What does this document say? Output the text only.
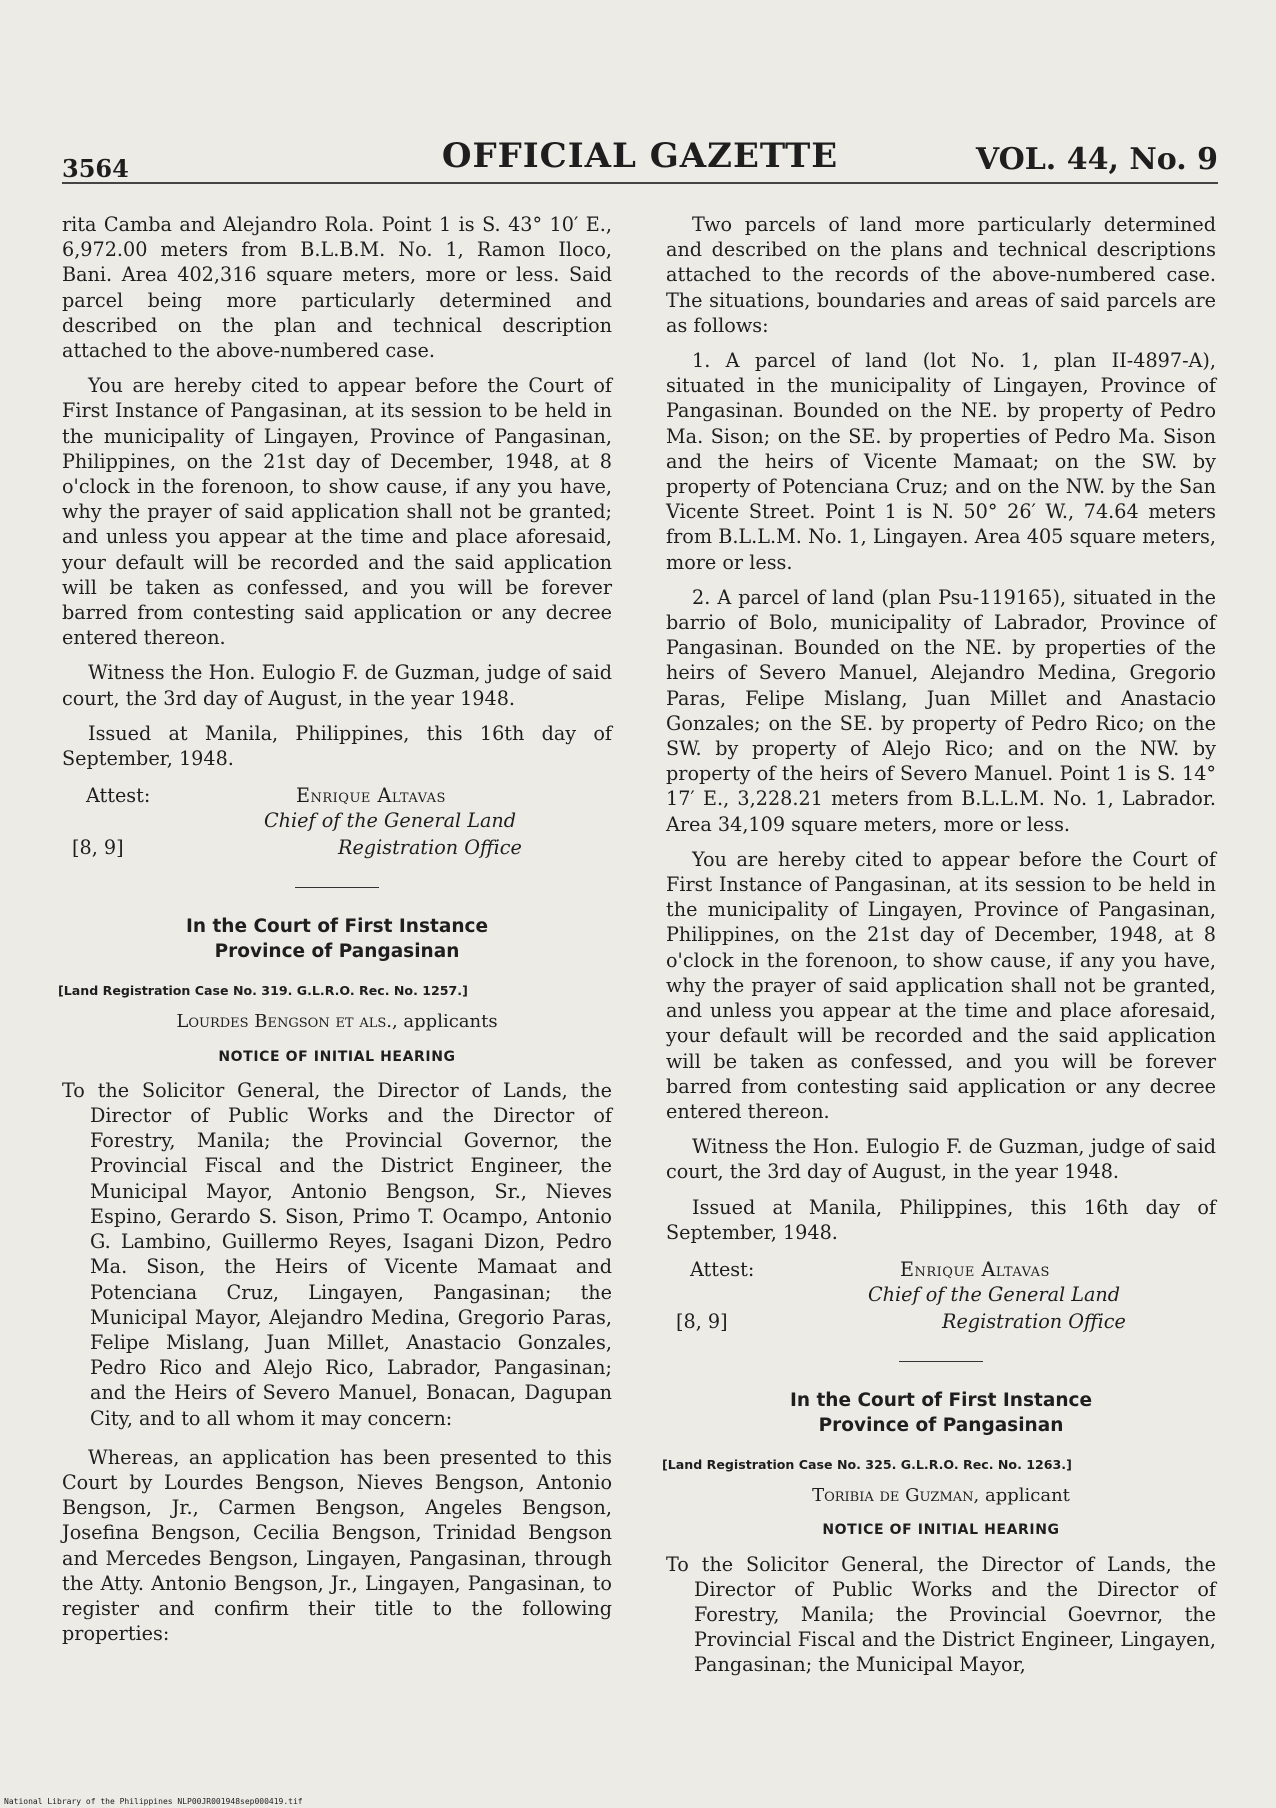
3564	OFFICIAL GAZETTE	VOL. 44, No. 9

rita Camba and Alejandro Rola. Point 1 is S. 43° 10′ E., 6,972.00 meters from B.L.B.M. No. 1, Ramon Ilocо, Bani. Area 402,316 square meters, more or less. Said parcel being more particularly determined and described on the plan and technical description attached to the above-numbered case.

You are hereby cited to appear before the Court of First Instance of Pangasinan, at its session to be held in the municipality of Lingayen, Province of Pangasinan, Philippines, on the 21st day of December, 1948, at 8 o'clock in the forenoon, to show cause, if any you have, why the prayer of said application shall not be granted; and unless you appear at the time and place aforesaid, your default will be recorded and the said application will be taken as confessed, and you will be forever barred from contesting said application or any decree entered thereon.

Witness the Hon. Eulogio F. de Guzman, judge of said court, the 3rd day of August, in the year 1948.

Issued at Manila, Philippines, this 16th day of September, 1948.

Attest:	Enrique Altavas
Chief of the General Land
[8, 9]	Registration Office
In the Court of First Instance
Province of Pangasinan
[Land Registration Case No. 319. G.L.R.O. Rec. No. 1257.]
Lourdes Bengson et als., applicants
NOTICE OF INITIAL HEARING
To the Solicitor General, the Director of Lands, the Director of Public Works and the Director of Forestry, Manila; the Provincial Governor, the Provincial Fiscal and the District Engineer, the Municipal Mayor, Antonio Bengson, Sr., Nieves Espino, Gerardo S. Sison, Primo T. Ocampo, Antonio G. Lambino, Guillermo Reyes, Isagani Dizon, Pedro Ma. Sison, the Heirs of Vicente Mamaat and Potenciana Cruz, Lingayen, Pangasinan; the Municipal Mayor, Alejandro Medina, Gregorio Paras, Felipe Mislang, Juan Millet, Anastacio Gonzales, Pedro Rico and Alejo Rico, Labrador, Pangasinan; and the Heirs of Severo Manuel, Bonacan, Dagupan City, and to all whom it may concern:

Whereas, an application has been presented to this Court by Lourdes Bengson, Nieves Bengson, Antonio Bengson, Jr., Carmen Bengson, Angeles Bengson, Josefina Bengson, Cecilia Bengson, Trinidad Bengson and Mercedes Bengson, Lingayen, Pangasinan, through the Atty. Antonio Bengson, Jr., Lingayen, Pangasinan, to register and confirm their title to the following properties:

Two parcels of land more particularly determined and described on the plans and technical descriptions attached to the records of the above-numbered case. The situations, boundaries and areas of said parcels are as follows:

1. A parcel of land (lot No. 1, plan II-4897-A), situated in the municipality of Lingayen, Province of Pangasinan. Bounded on the NE. by property of Pedro Ma. Sison; on the SE. by properties of Pedro Ma. Sison and the heirs of Vicente Mamaat; on the SW. by property of Potenciana Cruz; and on the NW. by the San Vicente Street. Point 1 is N. 50° 26′ W., 74.64 meters from B.L.L.M. No. 1, Lingayen. Area 405 square meters, more or less.

2. A parcel of land (plan Psu-119165), situated in the barrio of Bolo, municipality of Labrador, Province of Pangasinan. Bounded on the NE. by properties of the heirs of Severo Manuel, Alejandro Medina, Gregorio Paras, Felipe Mislang, Juan Millet and Anastacio Gonzales; on the SE. by property of Pedro Rico; on the SW. by property of Alejo Rico; and on the NW. by property of the heirs of Severo Manuel. Point 1 is S. 14° 17′ E., 3,228.21 meters from B.L.L.M. No. 1, Labrador. Area 34,109 square meters, more or less.

You are hereby cited to appear before the Court of First Instance of Pangasinan, at its session to be held in the municipality of Lingayen, Province of Pangasinan, Philippines, on the 21st day of December, 1948, at 8 o'clock in the forenoon, to show cause, if any you have, why the prayer of said application shall not be granted, and unless you appear at the time and place aforesaid, your default will be recorded and the said application will be taken as confessed, and you will be forever barred from contesting said application or any decree entered thereon.

Witness the Hon. Eulogio F. de Guzman, judge of said court, the 3rd day of August, in the year 1948.

Issued at Manila, Philippines, this 16th day of September, 1948.

Attest:	Enrique Altavas
Chief of the General Land
[8, 9]	Registration Office
In the Court of First Instance
Province of Pangasinan
[Land Registration Case No. 325. G.L.R.O. Rec. No. 1263.]
Toribia de Guzman, applicant
NOTICE OF INITIAL HEARING
To the Solicitor General, the Director of Lands, the Director of Public Works and the Director of Forestry, Manila; the Provincial Goevrnor, the Provincial Fiscal and the District Engineer, Lingayen, Pangasinan; the Municipal Mayor,
National Library of the Philippines NLP00JR001948sep000419.tif
